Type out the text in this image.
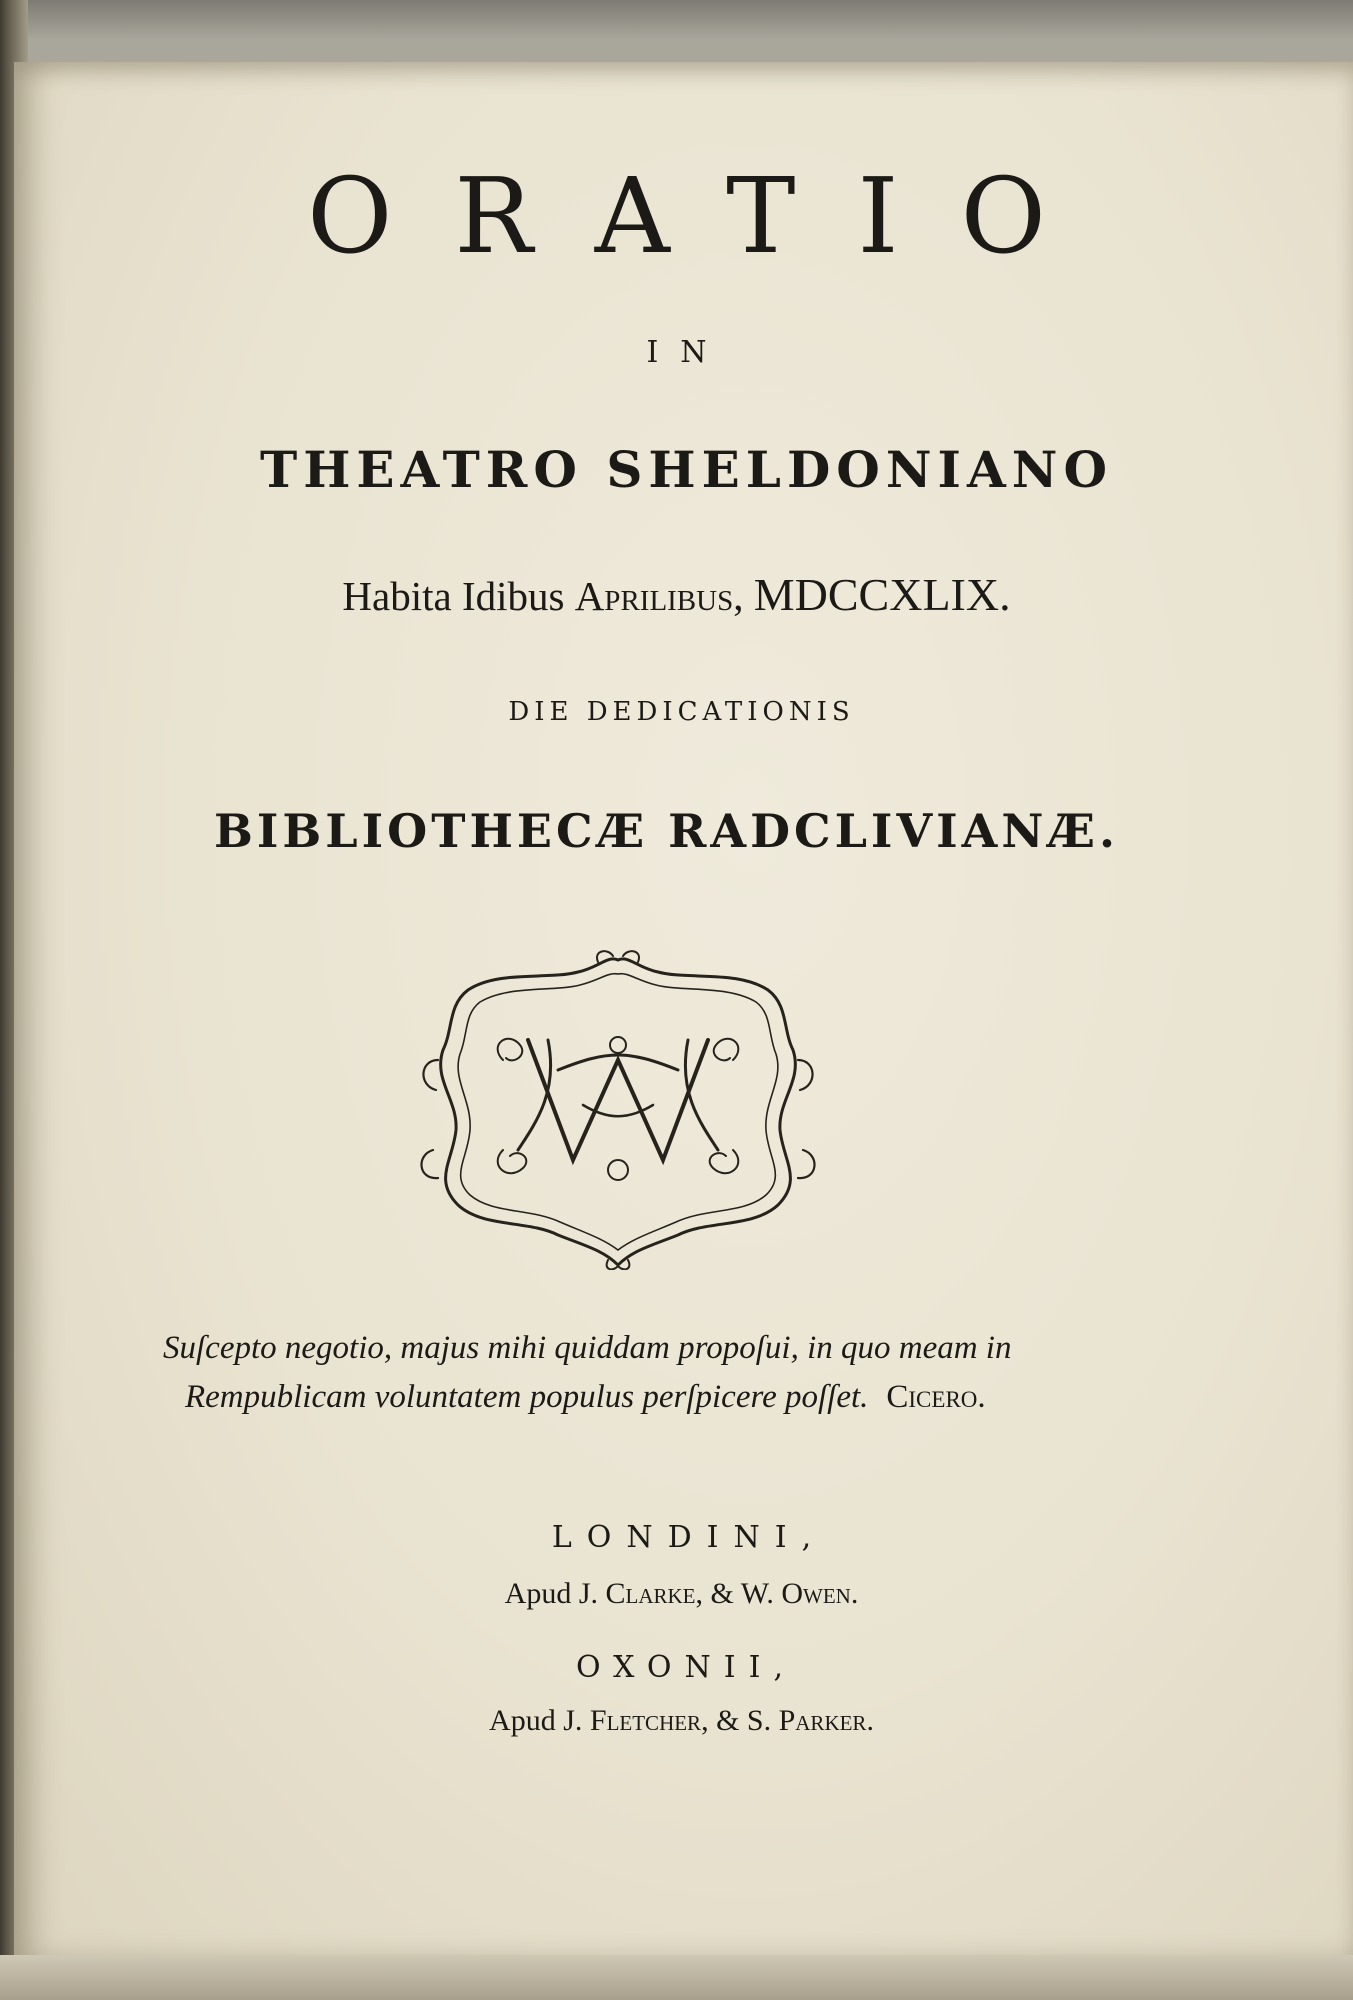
ORATIO
IN
THEATRO SHELDONIANO
Habita Idibus Aprilibus, MDCCXLIX.
DIE DEDICATIONIS
BIBLIOTHECÆ RADCLIVIANÆ.
Suſcepto negotio, majus mihi quiddam propoſui, in quo meam in
Rempublicam voluntatem populus perſpicere poſſet. Cicero.
LONDINI,
Apud J. Clarke, & W. Owen.
OXONII,
Apud J. Fletcher, & S. Parker.
